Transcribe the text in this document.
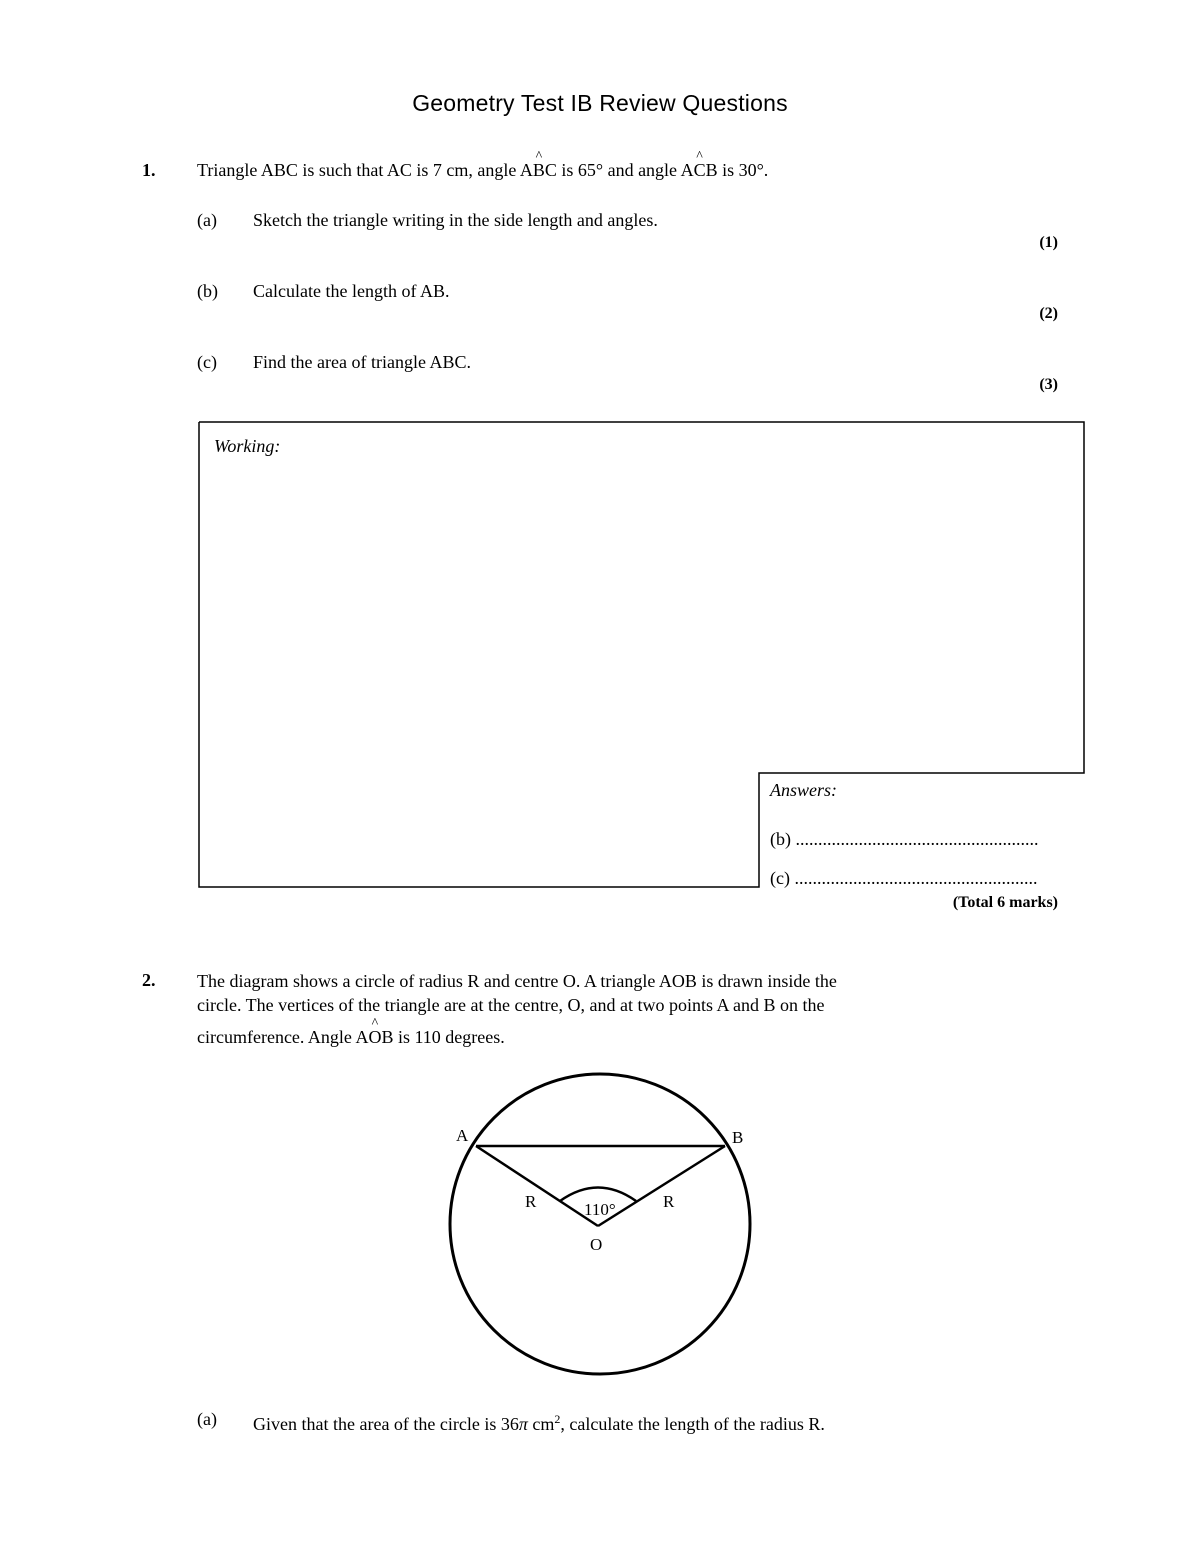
Geometry Test IB Review Questions
1. Triangle ABC is such that AC is 7 cm, angle A
^
BC is 65° and angle A
^
CB is 30°.
(a) Sketch the triangle writing in the side length and angles.
(1)
(b) Calculate the length of AB.
(2)
(c) Find the area of triangle ABC.
(3)
Working:
Answers:
(b) ......................................................
(c) ......................................................
(Total 6 marks)
2. The diagram shows a circle of radius R and centre O. A triangle AOB is drawn inside the
circle. The vertices of the triangle are at the centre, O, and at two points A and B on the
circumference. Angle A
^
OB is 110 degrees.
A	B
O
R	R
110°
(a) Given that the area of the circle is 36π $cm^2$, calculate the length of the radius R.
